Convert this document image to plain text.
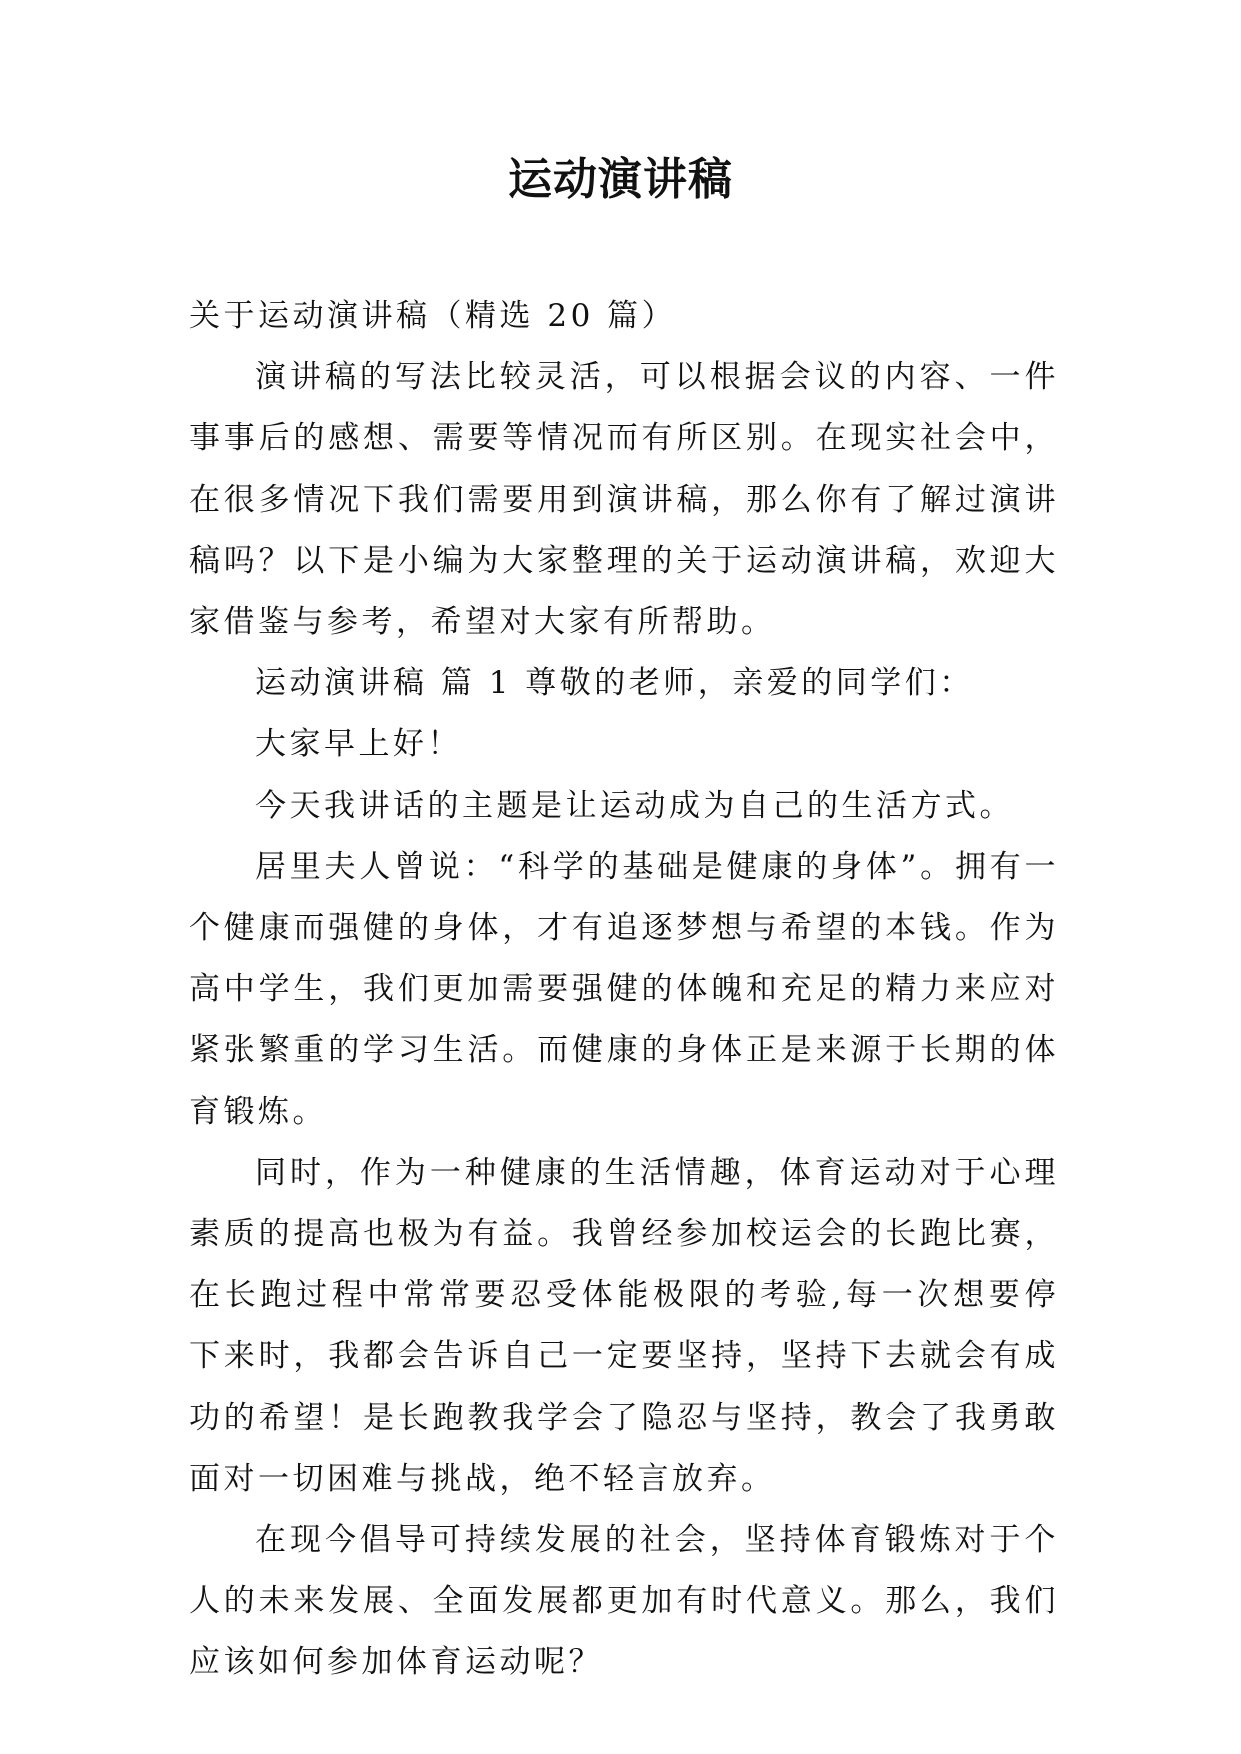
运动演讲稿

关于运动演讲稿（精选 20 篇）

演讲稿的写法比较灵活，可以根据会议的内容、一件事事后的感想、需要等情况而有所区别。在现实社会中，在很多情况下我们需要用到演讲稿，那么你有了解过演讲稿吗？以下是小编为大家整理的关于运动演讲稿，欢迎大家借鉴与参考，希望对大家有所帮助。

运动演讲稿 篇 1 尊敬的老师，亲爱的同学们：

大家早上好！

今天我讲话的主题是让运动成为自己的生活方式。

居里夫人曾说：“科学的基础是健康的身体”。拥有一个健康而强健的身体，才有追逐梦想与希望的本钱。作为高中学生，我们更加需要强健的体魄和充足的精力来应对紧张繁重的学习生活。而健康的身体正是来源于长期的体育锻炼。

同时，作为一种健康的生活情趣，体育运动对于心理素质的提高也极为有益。我曾经参加校运会的长跑比赛，在长跑过程中常常要忍受体能极限的考验,每一次想要停下来时，我都会告诉自己一定要坚持，坚持下去就会有成功的希望！是长跑教我学会了隐忍与坚持，教会了我勇敢面对一切困难与挑战，绝不轻言放弃。

在现今倡导可持续发展的社会，坚持体育锻炼对于个人的未来发展、全面发展都更加有时代意义。那么，我们应该如何参加体育运动呢？
